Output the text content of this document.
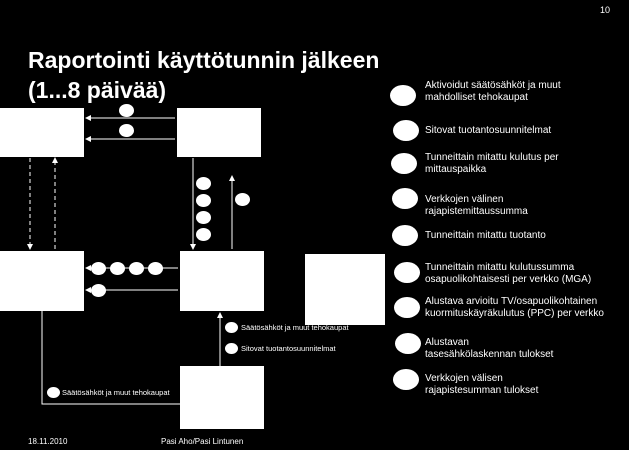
10
Raportointi käyttötunnin jälkeen
(1...8 päivää)
Säätösähköt ja muut tehokaupat
Sitovat tuotantosuunnitelmat
Säätösähköt ja muut tehokaupat
Aktivoidut säätösähköt ja muut mahdolliset tehokaupat
Sitovat tuotantosuunnitelmat
Tunneittain mitattu kulutus per mittauspaikka
Verkkojen välinen rajapistemittaussumma
Tunneittain mitattu tuotanto
Tunneittain mitattu kulutussumma osapuolikohtaisesti per verkko (MGA)
Alustava arvioitu TV/osapuolikohtainen kuormituskäyräkulutus (PPC) per verkko
Alustavan tasesähkölaskennan tulokset
Verkkojen välisen rajapistesumman tulokset
18.11.2010	Pasi Aho/Pasi Lintunen
